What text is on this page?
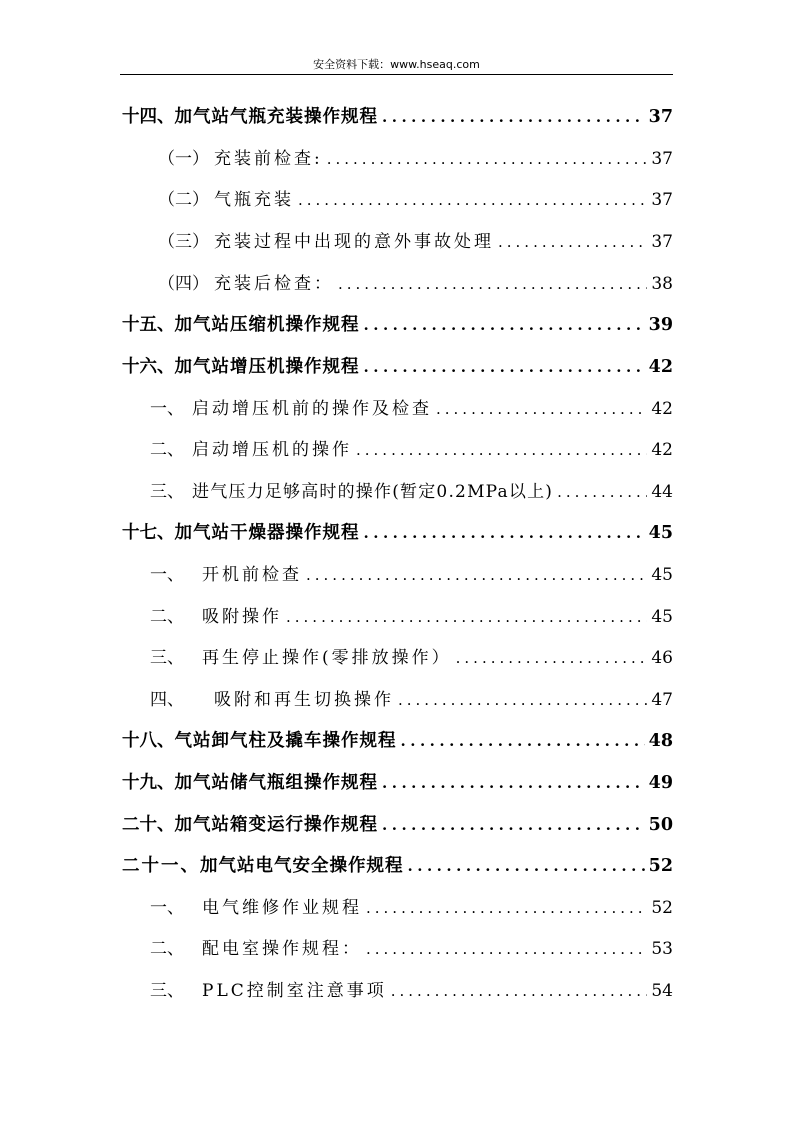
安全资料下载：www.hseaq.com
十四、 加气站气瓶充装操作规程 .....	37
（一） 充装前检查: .....	37
（二） 气瓶充装 .....	37
（三） 充装过程中出现的意外事故处理 .....	37
（四） 充装后检查： .....	38
十五、 加气站压缩机操作规程 .....	39
十六、 加气站增压机操作规程 .....	42
一、 启动增压机前的操作及检查 .....	42
二、 启动增压机的操作 .....	42
三、 进气压力足够高时的操作(暂定0.2MPa以上) .....	44
十七、 加气站干燥器操作规程 .....	45
一、	开机前检查 .....	45
二、	吸附操作 .....	45
三、	再生停止操作(零排放操作） .....	46
四、	吸附和再生切换操作 .....	47
十八、 气站卸气柱及撬车操作规程 .....	48
十九、 加气站储气瓶组操作规程 .....	49
二十、 加气站箱变运行操作规程 .....	50
二十一、 加气站电气安全操作规程 .....	52
一、	电气维修作业规程 .....	52
二、	配电室操作规程： .....	53
三、	PLC控制室注意事项 .....	54
